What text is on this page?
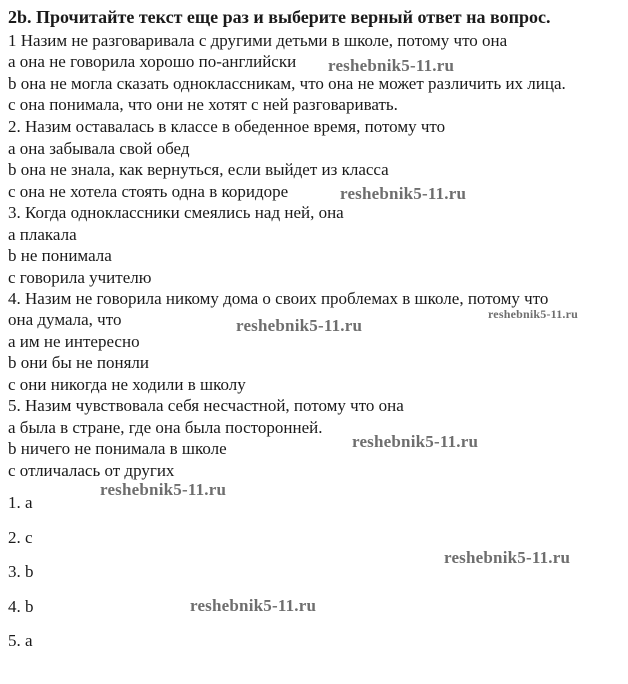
2b. Прочитайте текст еще раз и выберите верный ответ на вопрос.
1 Назим не разговаривала с другими детьми в школе, потому что она
a она не говорила хорошо по-английски
b она не могла сказать одноклассникам, что она не может различить их лица.
c она понимала, что они не хотят с ней разговаривать.
2. Назим оставалась в классе в обеденное время, потому что
a она забывала свой обед
b она не знала, как вернуться, если выйдет из класса
c она не хотела стоять одна в коридоре
3. Когда одноклассники смеялись над ней, она
a плакала
b не понимала
c говорила учителю
4. Назим не говорила никому дома о своих проблемах в школе, потому что
она думала, что
a им не интересно
b они бы не поняли
c они никогда не ходили в школу
5. Назим чувствовала себя несчастной, потому что она
a была в стране, где она была посторонней.
b ничего не понимала в школе
c отличалась от других
1. a
2. c
3. b
4. b
5. a
reshebnik5-11.ru
reshebnik5-11.ru
reshebnik5-11.ru
reshebnik5-11.ru
reshebnik5-11.ru
reshebnik5-11.ru
reshebnik5-11.ru
reshebnik5-11.ru
